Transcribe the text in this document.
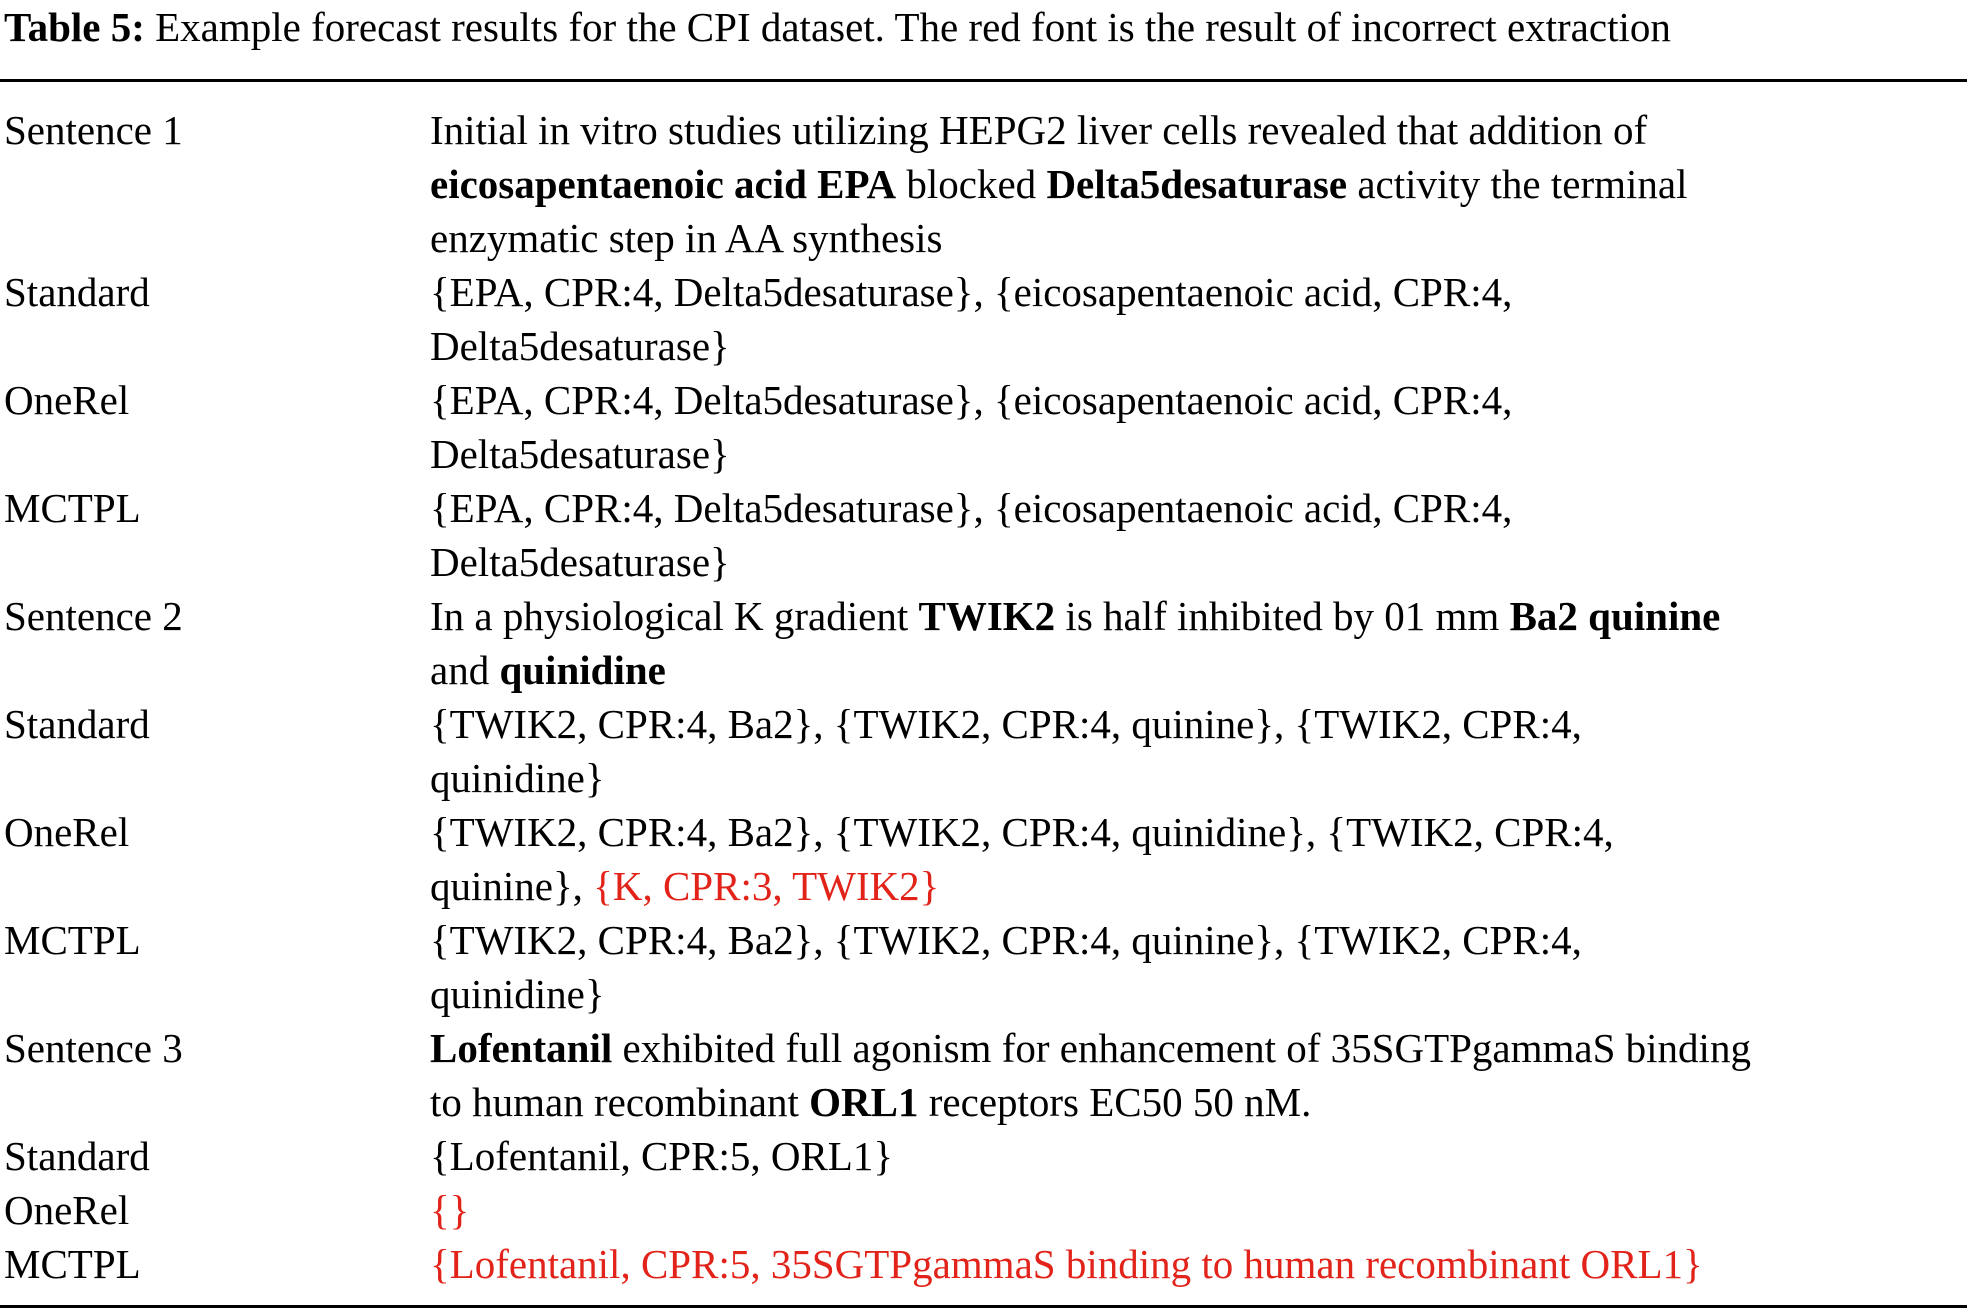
Table 5: Example forecast results for the CPI dataset. The red font is the result of incorrect extraction
Sentence 1	Initial in vitro studies utilizing HEPG2 liver cells revealed that addition of
eicosapentaenoic acid EPA blocked Delta5desaturase activity the terminal
enzymatic step in AA synthesis
Standard	{EPA, CPR:4, Delta5desaturase}, {eicosapentaenoic acid, CPR:4,
Delta5desaturase}
OneRel	{EPA, CPR:4, Delta5desaturase}, {eicosapentaenoic acid, CPR:4,
Delta5desaturase}
MCTPL	{EPA, CPR:4, Delta5desaturase}, {eicosapentaenoic acid, CPR:4,
Delta5desaturase}
Sentence 2	In a physiological K gradient TWIK2 is half inhibited by 01 mm Ba2 quinine
and quinidine
Standard	{TWIK2, CPR:4, Ba2}, {TWIK2, CPR:4, quinine}, {TWIK2, CPR:4,
quinidine}
OneRel	{TWIK2, CPR:4, Ba2}, {TWIK2, CPR:4, quinidine}, {TWIK2, CPR:4,
quinine}, {K, CPR:3, TWIK2}
MCTPL	{TWIK2, CPR:4, Ba2}, {TWIK2, CPR:4, quinine}, {TWIK2, CPR:4,
quinidine}
Sentence 3	Lofentanil exhibited full agonism for enhancement of 35SGTPgammaS binding
to human recombinant ORL1 receptors EC50 50 nM.
Standard	{Lofentanil, CPR:5, ORL1}
OneRel	{}
MCTPL	{Lofentanil, CPR:5, 35SGTPgammaS binding to human recombinant ORL1}
